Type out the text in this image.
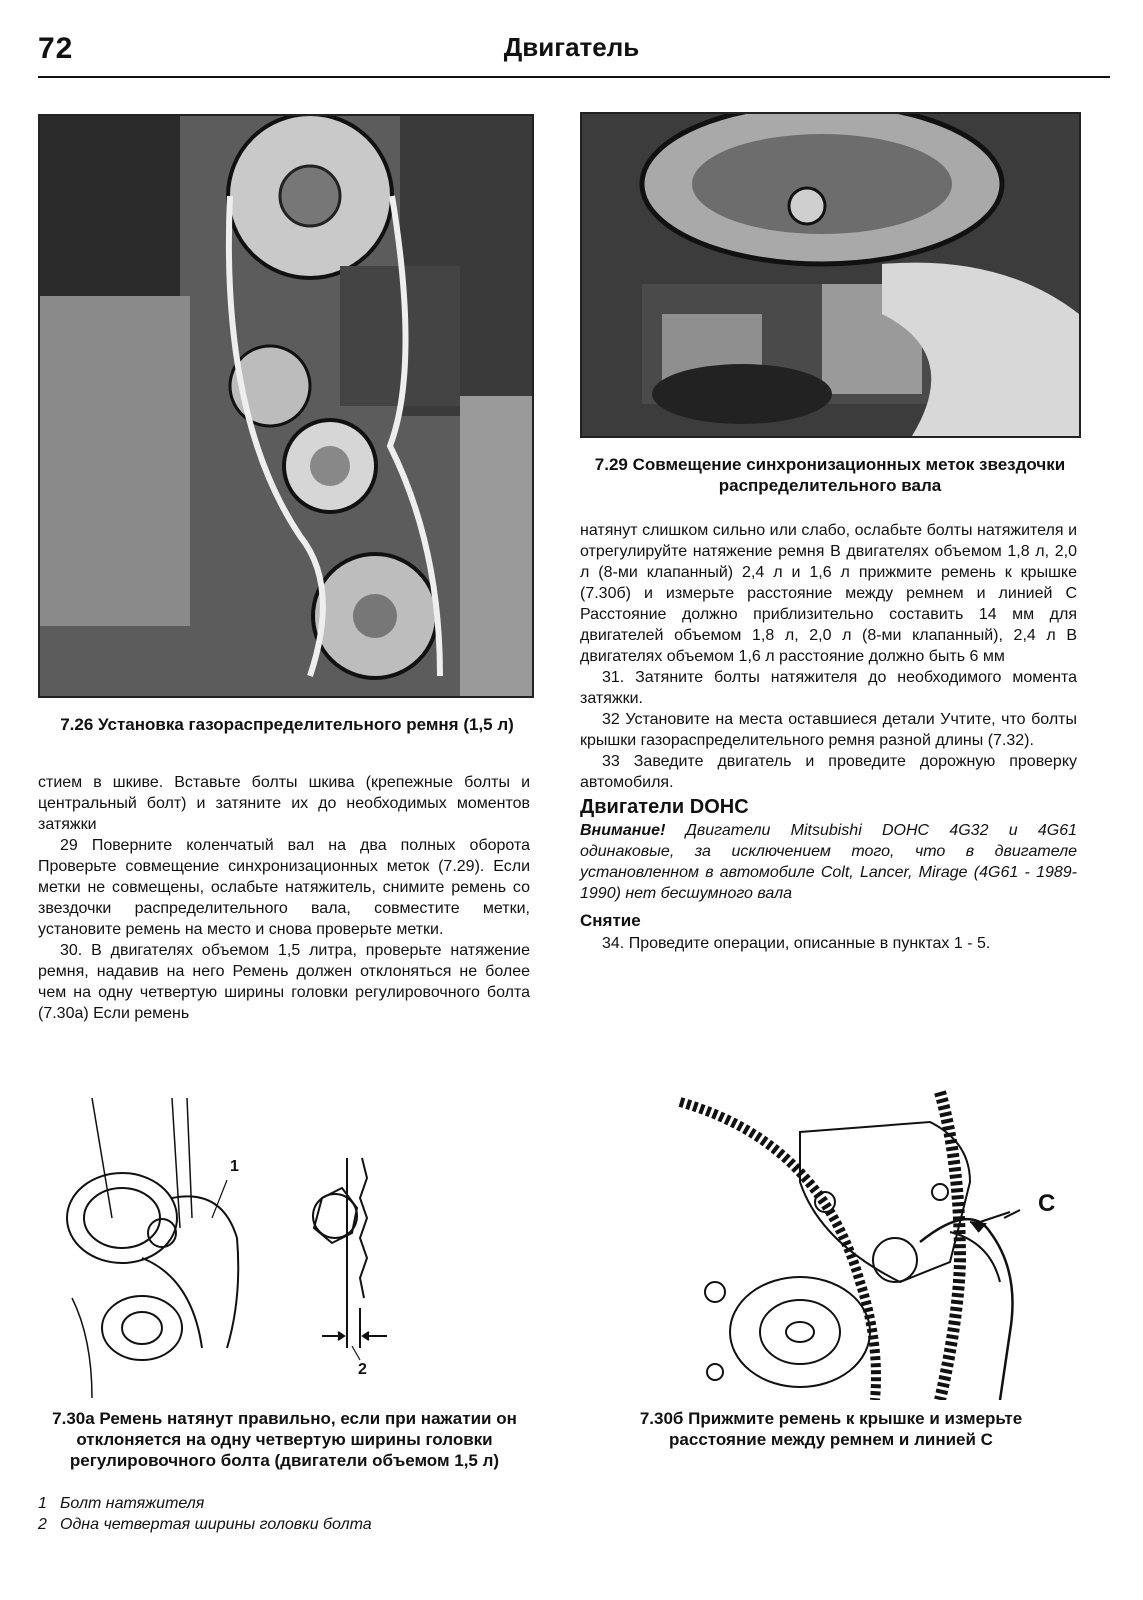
72	Двигатель
7.26 Установка газораспределительного ремня (1,5 л)
7.29 Совмещение синхронизационных меток звездочки распределительного вала

стием в шкиве. Вставьте болты шкива (крепежные болты и центральный болт) и затяните их до необходимых моментов затяжки

29 Поверните коленчатый вал на два полных оборота Проверьте совмещение синхронизационных меток (7.29). Если метки не совмещены, ослабьте натяжитель, снимите ремень со звездочки распределительного вала, совместите метки, установите ремень на место и снова проверьте метки.

30. В двигателях объемом 1,5 литра, проверьте натяжение ремня, надавив на него Ремень должен отклоняться не более чем на одну четвертую ширины головки регулировочного болта (7.30а) Если ремень

натянут слишком сильно или слабо, ослабьте болты натяжителя и отрегулируйте натяжение ремня В двигателях объемом 1,8 л, 2,0 л (8-ми клапанный) 2,4 л и 1,6 л прижмите ремень к крышке (7.30б) и измерьте расстояние между ремнем и линией С Расстояние должно приблизительно составить 14 мм для двигателей объемом 1,8 л, 2,0 л (8-ми клапанный), 2,4 л В двигателях объемом 1,6 л расстояние должно быть 6 мм

31. Затяните болты натяжителя до необходимого момента затяжки.

32 Установите на места оставшиеся детали Учтите, что болты крышки газораспределительного ремня разной длины (7.32).

33 Заведите двигатель и проведите дорожную проверку автомобиля.

Двигатели DOHC

Внимание! Двигатели Mitsubishi DOHC 4G32 и 4G61 одинаковые, за исключением того, что в двигателе установленном в автомобиле Colt, Lancer, Mirage (4G61 - 1989-1990) нет бесшумного вала

Снятие

34. Проведите операции, описанные в пунктах 1 - 5.

1
2
C
7.30а Ремень натянут правильно, если при нажатии он отклоняется на одну четвертую ширины головки регулировочного болта (двигатели объемом 1,5 л)
1 Болт натяжителя
2 Одна четвертая ширины головки болта
7.30б Прижмите ремень к крышке и измерьте расстояние между ремнем и линией С
